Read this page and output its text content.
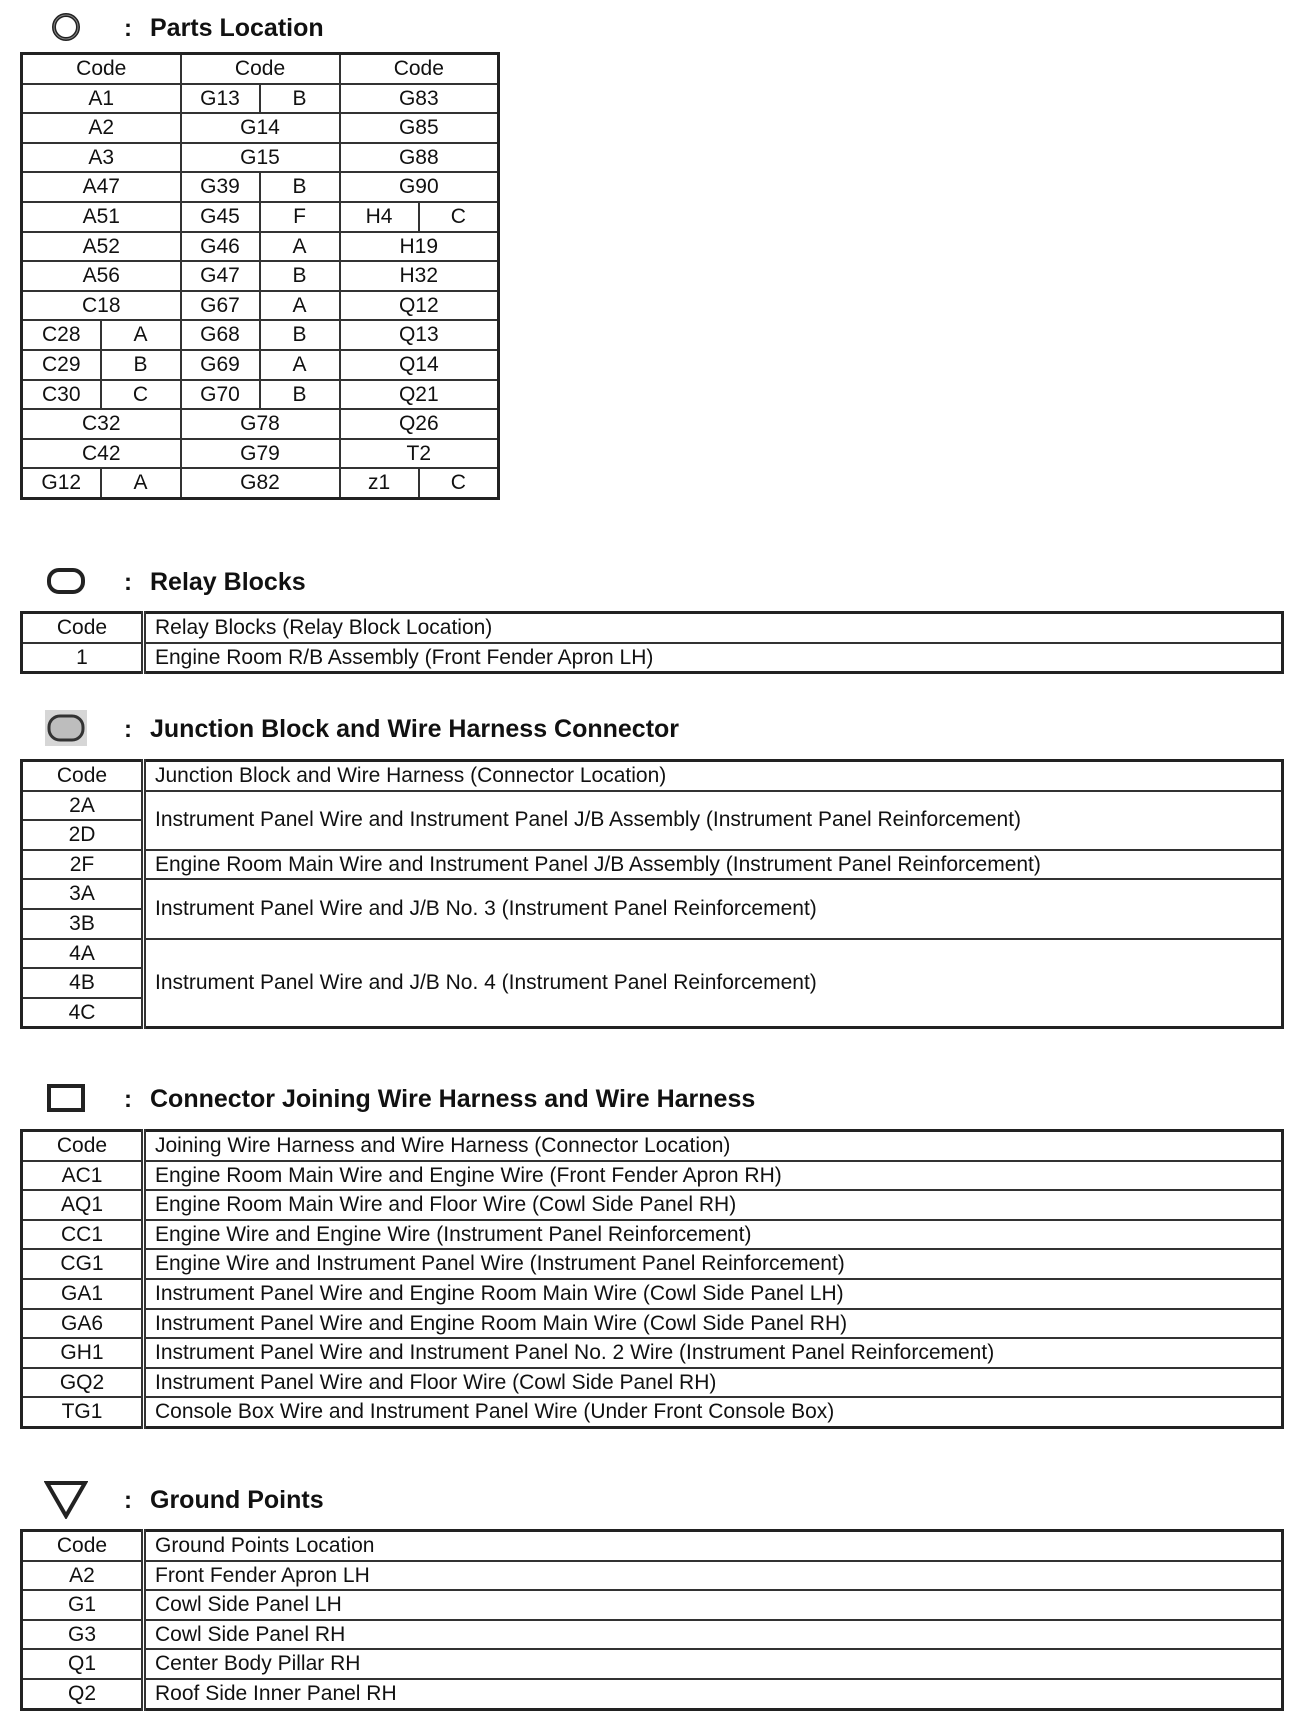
: Parts Location
Code		Code		Code	
A1		G13	B	G83	
A2		G14		G85	
A3		G15		G88	
A47		G39	B	G90	
A51		G45	F	H4	C
A52		G46	A	H19	
A56		G47	B	H32	
C18		G67	A	Q12	
C28	A	G68	B	Q13	
C29	B	G69	A	Q14	
C30	C	G70	B	Q21	
C32		G78		Q26	
C42		G79		T2	
G12	A	G82		z1	C
: Relay Blocks
Code	Relay Blocks (Relay Block Location)
1	Engine Room R/B Assembly (Front Fender Apron LH)
: Junction Block and Wire Harness Connector
Code	Junction Block and Wire Harness (Connector Location)
2A	Instrument Panel Wire and Instrument Panel J/B Assembly (Instrument Panel Reinforcement)
2D	
2F	Engine Room Main Wire and Instrument Panel J/B Assembly (Instrument Panel Reinforcement)
3A	Instrument Panel Wire and J/B No. 3 (Instrument Panel Reinforcement)
3B	
4A	Instrument Panel Wire and J/B No. 4 (Instrument Panel Reinforcement)
4B	
4C	
: Connector Joining Wire Harness and Wire Harness
Code	Joining Wire Harness and Wire Harness (Connector Location)
AC1	Engine Room Main Wire and Engine Wire (Front Fender Apron RH)
AQ1	Engine Room Main Wire and Floor Wire (Cowl Side Panel RH)
CC1	Engine Wire and Engine Wire (Instrument Panel Reinforcement)
CG1	Engine Wire and Instrument Panel Wire (Instrument Panel Reinforcement)
GA1	Instrument Panel Wire and Engine Room Main Wire (Cowl Side Panel LH)
GA6	Instrument Panel Wire and Engine Room Main Wire (Cowl Side Panel RH)
GH1	Instrument Panel Wire and Instrument Panel No. 2 Wire (Instrument Panel Reinforcement)
GQ2	Instrument Panel Wire and Floor Wire (Cowl Side Panel RH)
TG1	Console Box Wire and Instrument Panel Wire (Under Front Console Box)
: Ground Points
Code	Ground Points Location
A2	Front Fender Apron LH
G1	Cowl Side Panel LH
G3	Cowl Side Panel RH
Q1	Center Body Pillar RH
Q2	Roof Side Inner Panel RH
